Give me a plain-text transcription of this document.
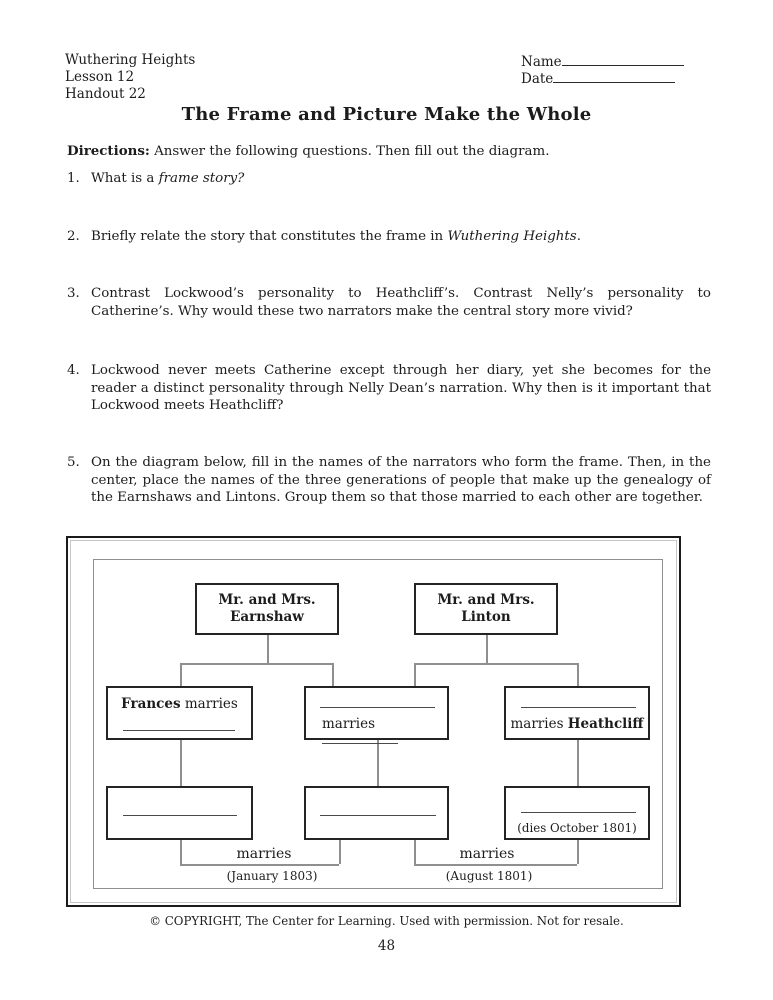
Wuthering Heights
Lesson 12
Handout 22
Name
Date
The Frame and Picture Make the Whole
Directions: Answer the following questions. Then fill out the diagram.
1. What is a frame story?
2. Briefly relate the story that constitutes the frame in Wuthering Heights.
3. Contrast Lockwood’s personality to Heathcliff’s. Contrast Nelly’s personality to Catherine’s. Why would these two narrators make the central story more vivid?
4. Lockwood never meets Catherine except through her diary, yet she becomes for the reader a distinct personality through Nelly Dean’s narration. Why then is it important that Lockwood meets Heathcliff?
5. On the diagram below, fill in the names of the narrators who form the frame. Then, in the center, place the names of the three generations of people that make up the genealogy of the Earnshaws and Lintons. Group them so that those married to each other are together.
Mr. and Mrs.
Earnshaw
Mr. and Mrs.
Linton
Frances marries
marries	marries Heathcliff
(dies October 1801)
marries
(January 1803)
marries
(August 1801)
© COPYRIGHT, The Center for Learning. Used with permission. Not for resale.
48
